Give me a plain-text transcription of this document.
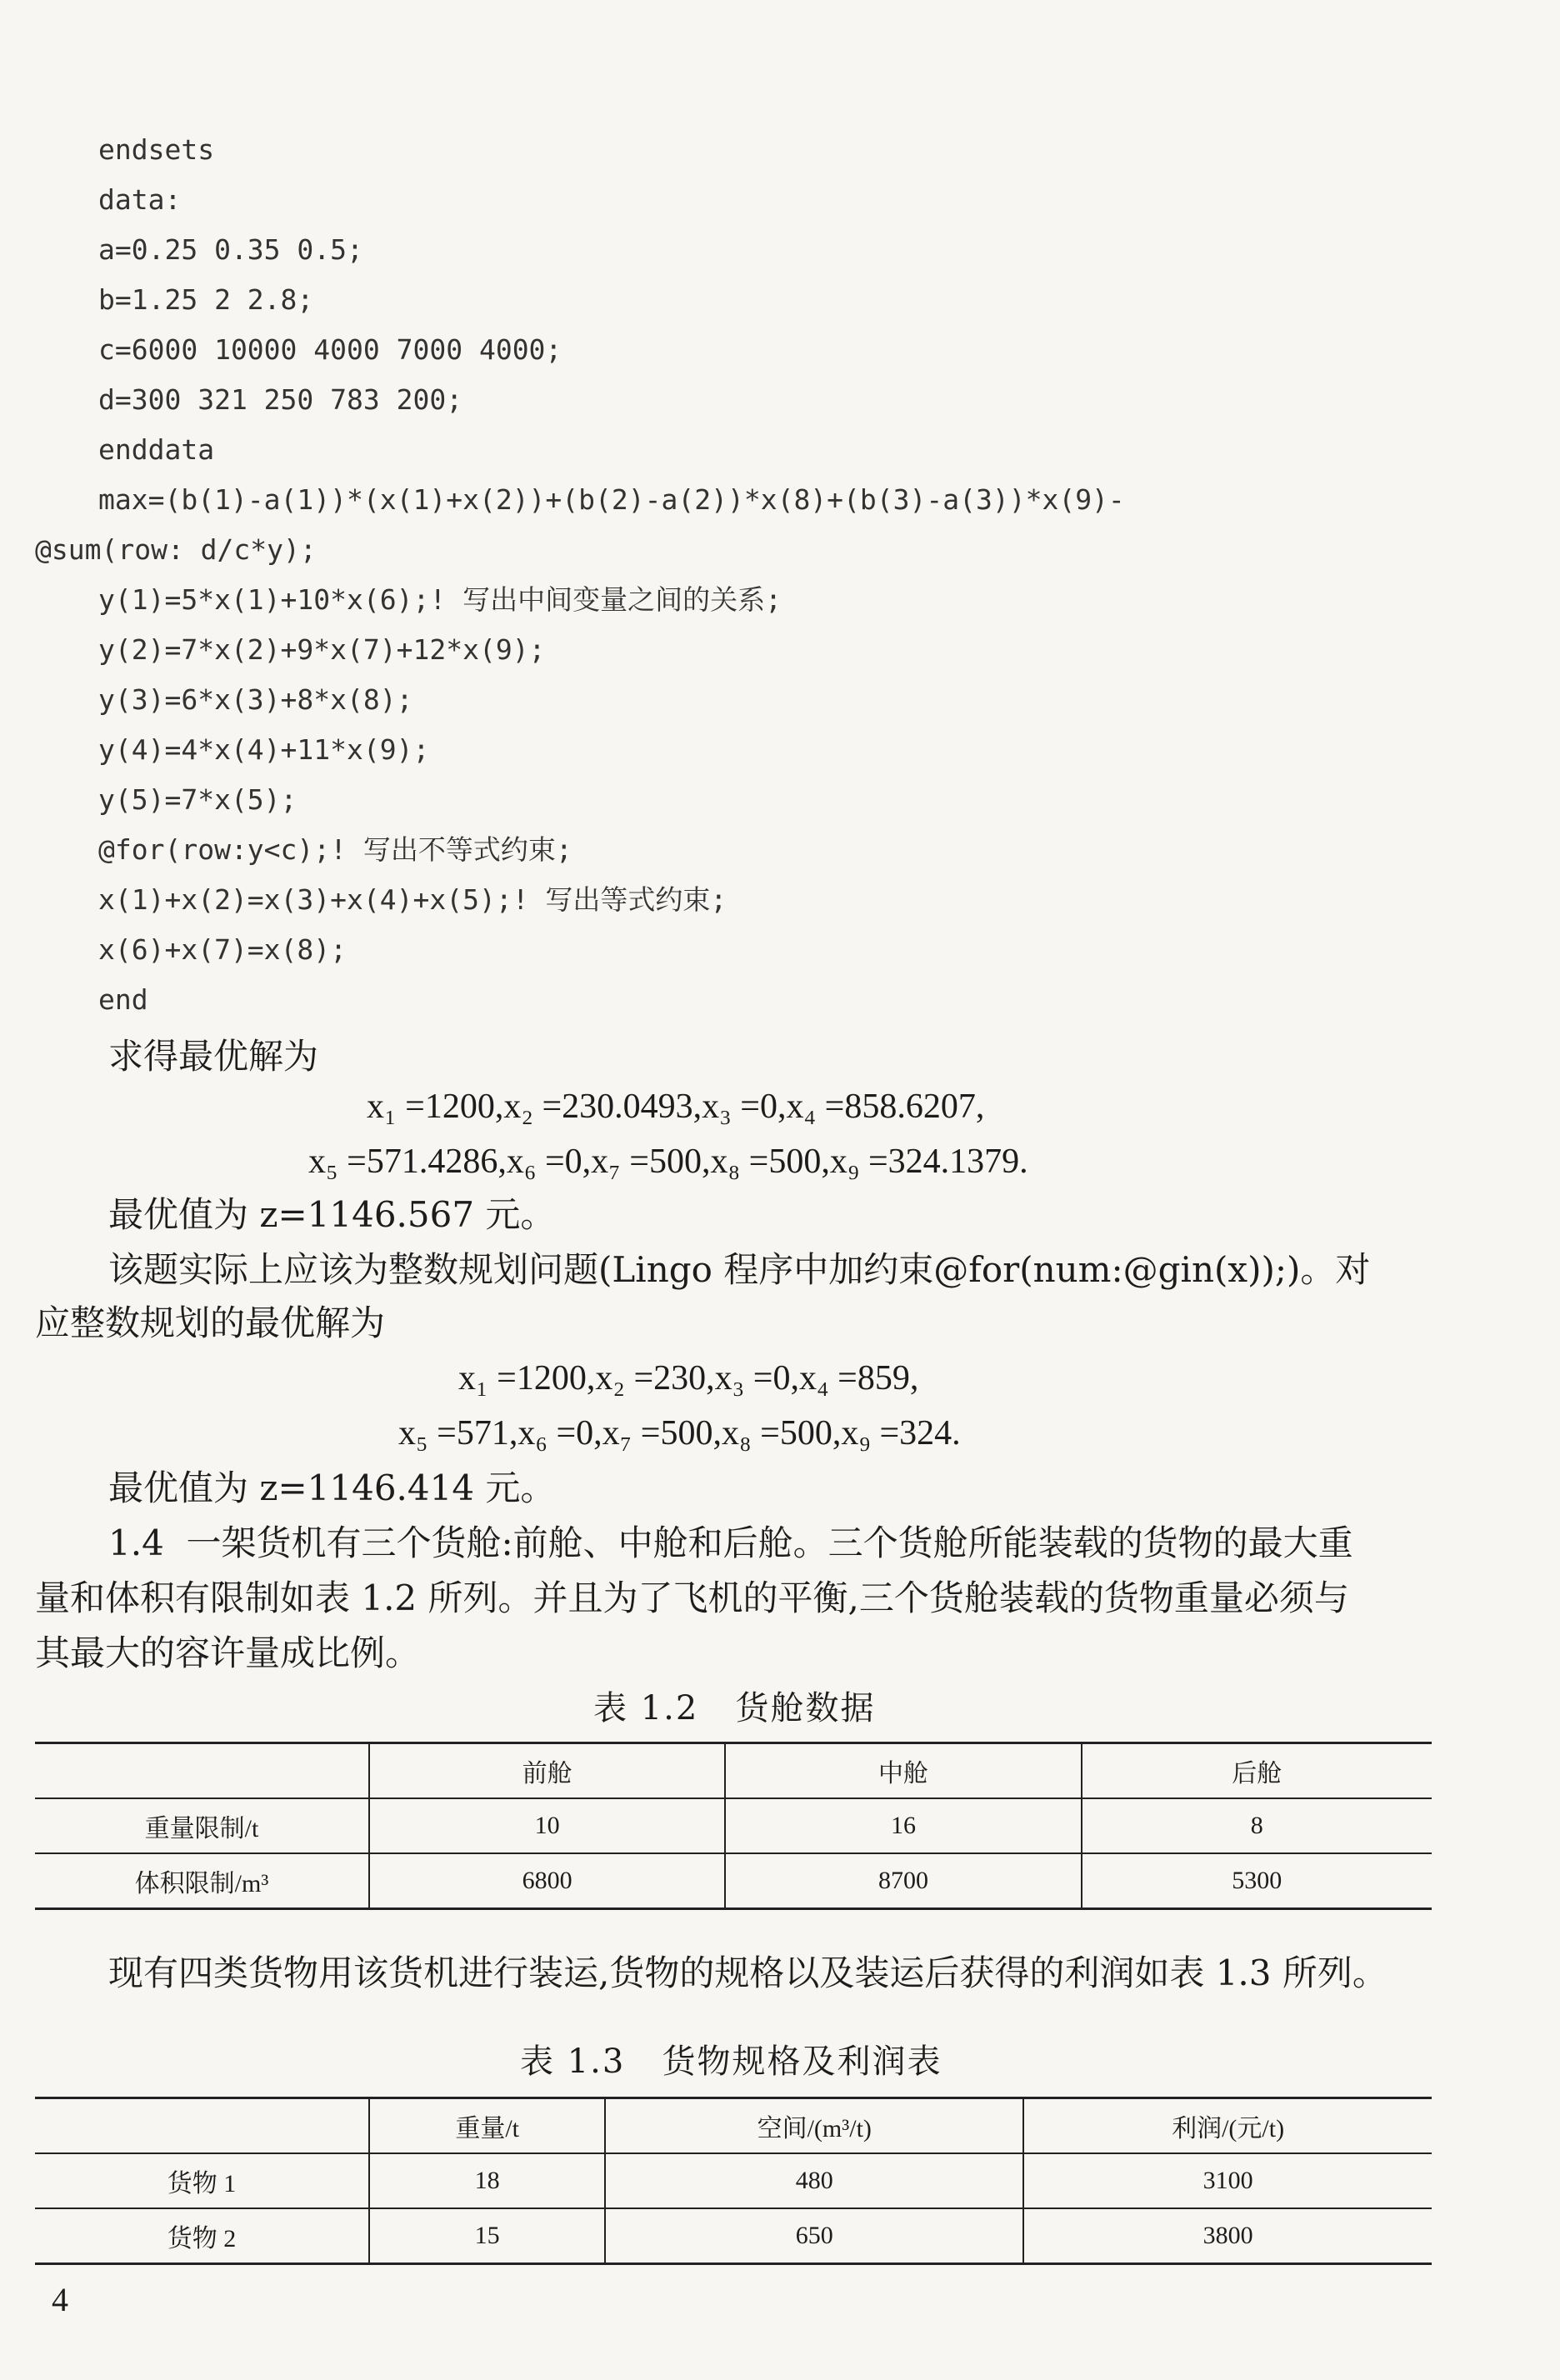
endsets
data:
a=0.25 0.35 0.5;
b=1.25 2 2.8;
c=6000 10000 4000 7000 4000;
d=300 321 250 783 200;
enddata
max=(b(1)-a(1))*(x(1)+x(2))+(b(2)-a(2))*x(8)+(b(3)-a(3))*x(9)-
@sum(row: d/c*y);
y(1)=5*x(1)+10*x(6);! 写出中间变量之间的关系;
y(2)=7*x(2)+9*x(7)+12*x(9);
y(3)=6*x(3)+8*x(8);
y(4)=4*x(4)+11*x(9);
y(5)=7*x(5);
@for(row:y<c);! 写出不等式约束;
x(1)+x(2)=x(3)+x(4)+x(5);! 写出等式约束;
x(6)+x(7)=x(8);
end
求得最优解为
x₁ =1200,x₂ =230.0493,x₃ =0,x₄ =858.6207,
x₅ =571.4286,x₆ =0,x₇ =500,x₈ =500,x₉ =324.1379.
最优值为 z=1146.567 元。
该题实际上应该为整数规划问题(Lingo 程序中加约束@for(num:@gin(x));)。对
应整数规划的最优解为
x₁ =1200,x₂ =230,x₃ =0,x₄ =859,
x₅ =571,x₆ =0,x₇ =500,x₈ =500,x₉ =324.
最优值为 z=1146.414 元。
1.4  一架货机有三个货舱:前舱、中舱和后舱。三个货舱所能装载的货物的最大重
量和体积有限制如表 1.2 所列。并且为了飞机的平衡,三个货舱装载的货物重量必须与
其最大的容许量成比例。
表 1.2   货舱数据
	前舱	中舱	后舱
重量限制/t	10	16	8
体积限制/m³	6800	8700	5300
现有四类货物用该货机进行装运,货物的规格以及装运后获得的利润如表 1.3 所列。
表 1.3   货物规格及利润表
	重量/t	空间/(m³/t)	利润/(元/t)
货物 1	18	480	3100
货物 2	15	650	3800
4
